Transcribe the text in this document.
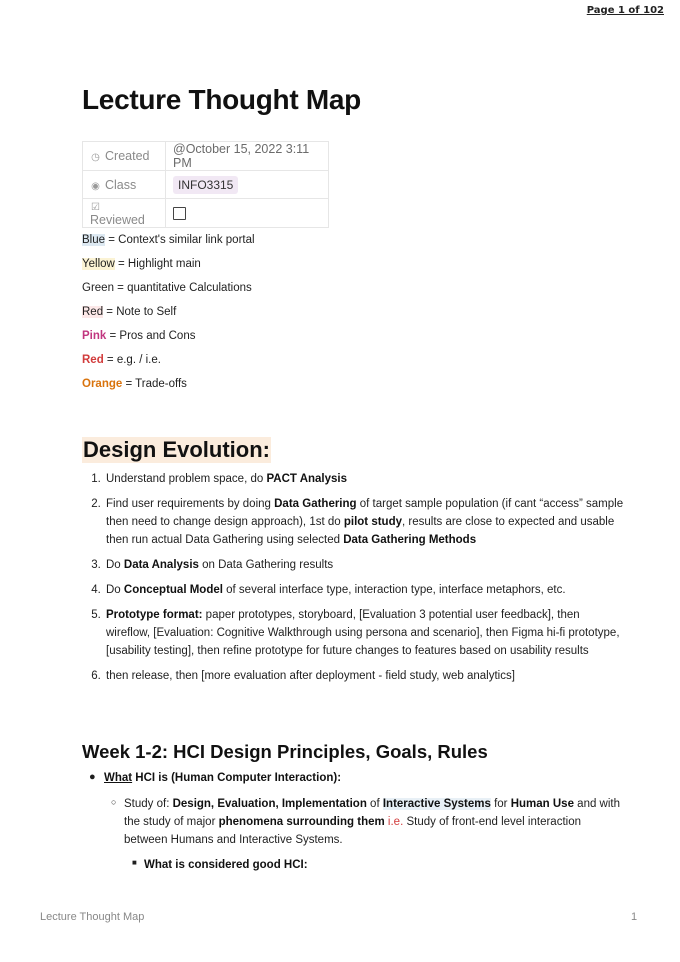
Page 1 of 102
Lecture Thought Map
◷ Created	@October 15, 2022 3:11 PM
◉ Class	INFO3315
☑Reviewed	
Blue = Context's similar link portal
Yellow = Highlight main
Green = quantitative Calculations
Red = Note to Self
Pink = Pros and Cons
Red = e.g. / i.e.
Orange = Trade-offs
Design Evolution:
1. Understand problem space, do PACT Analysis
2. Find user requirements by doing Data Gathering of target sample population (if cant “access” sample then need to change design approach), 1st do pilot study, results are close to expected and usable then run actual Data Gathering using selected Data Gathering Methods
3. Do Data Analysis on Data Gathering results
4. Do Conceptual Model of several interface type, interaction type, interface metaphors, etc.
5. Prototype format: paper prototypes, storyboard, [Evaluation 3 potential user feedback], then wireflow, [Evaluation: Cognitive Walkthrough using persona and scenario], then Figma hi-fi prototype, [usability testing], then refine prototype for future changes to features based on usability results
6. then release, then [more evaluation after deployment - field study, web analytics]
Week 1-2: HCI Design Principles, Goals, Rules
● What HCI is (Human Computer Interaction):
○ Study of: Design, Evaluation, Implementation of Interactive Systems for Human Use and with the study of major phenomena surrounding them i.e. Study of front-end level interaction between Humans and Interactive Systems.
■ What is considered good HCI:
Lecture Thought Map	1
